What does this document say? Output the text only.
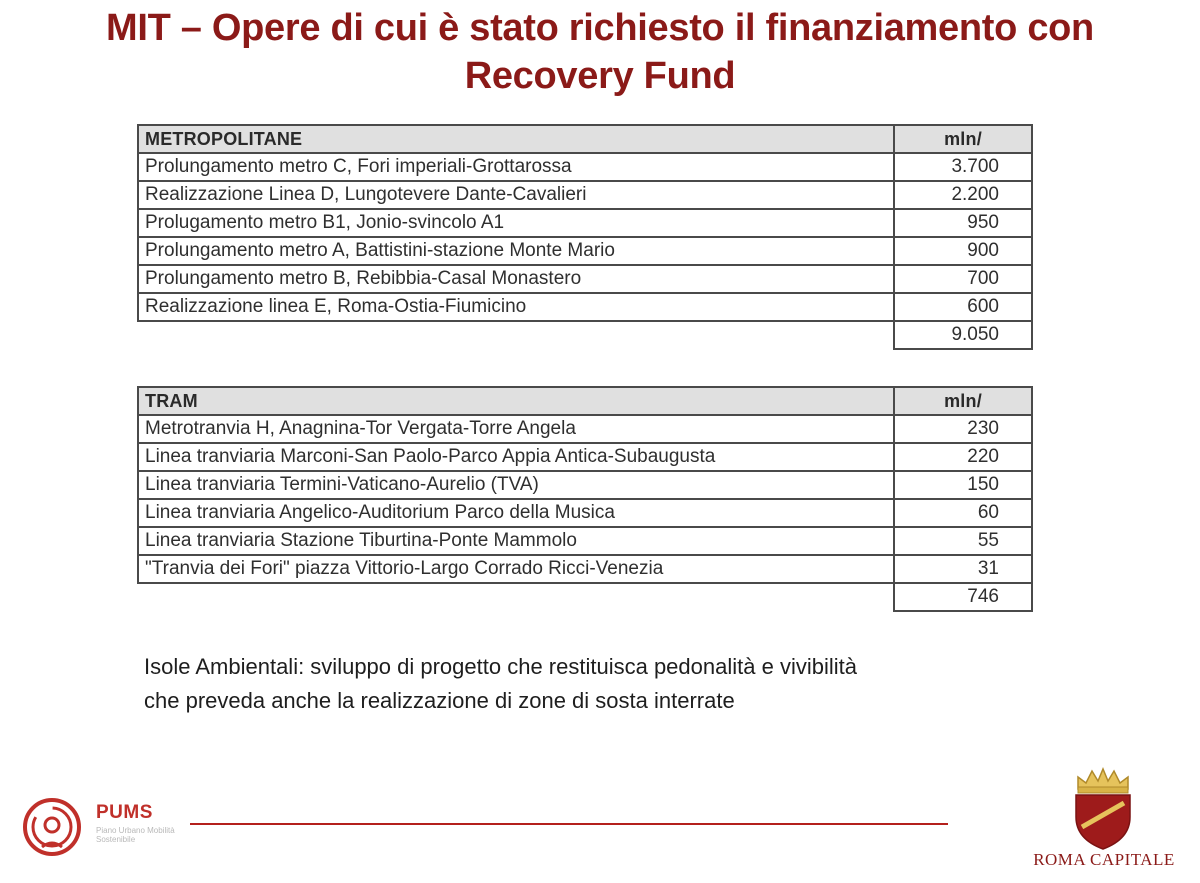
MIT – Opere di cui è stato richiesto il finanziamento con
Recovery Fund
METROPOLITANE	mln/
Prolungamento metro C, Fori imperiali-Grottarossa	3.700
Realizzazione Linea D, Lungotevere Dante-Cavalieri	2.200
Prolugamento metro B1, Jonio-svincolo A1	950
Prolungamento metro A, Battistini-stazione Monte Mario	900
Prolungamento metro B, Rebibbia-Casal Monastero	700
Realizzazione linea E, Roma-Ostia-Fiumicino	600
	9.050
TRAM	mln/
Metrotranvia H, Anagnina-Tor Vergata-Torre Angela	230
Linea tranviaria Marconi-San Paolo-Parco Appia Antica-Subaugusta	220
Linea tranviaria Termini-Vaticano-Aurelio (TVA)	150
Linea tranviaria Angelico-Auditorium Parco della Musica	60
Linea tranviaria Stazione Tiburtina-Ponte Mammolo	55
"Tranvia dei Fori" piazza Vittorio-Largo Corrado Ricci-Venezia	31
	746
Isole Ambientali: sviluppo di progetto che restituisca pedonalità e vivibilità
che preveda anche la realizzazione di zone di sosta interrate
PUMS
Piano Urbano Mobilità Sostenibile
ROMA CAPITALE
